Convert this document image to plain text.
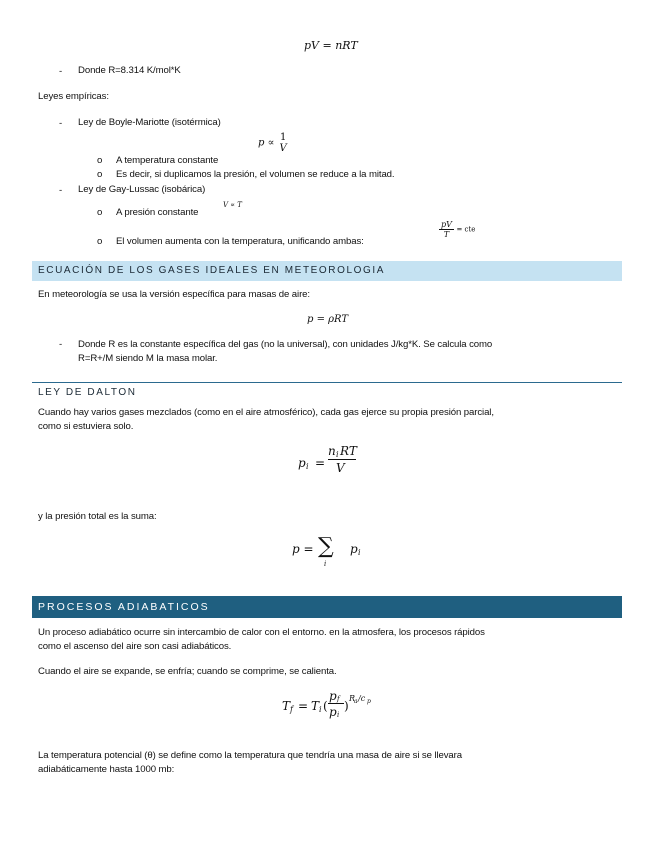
pV = nRT
- Donde R=8.314 K/mol*K
Leyes empíricas:
- Ley de Boyle-Mariotte (isotérmica)
p ∝ 1
V
o A temperatura constante
o Es decir, si duplicamos la presión, el volumen se reduce a la mitad.
- Ley de Gay-Lussac (isobárica)
o A presión constante
V ∝ T
o El volumen aumenta con la temperatura, unificando ambas:
$\frac{pV}{T}$ = cte
ECUACIÓN DE LOS GASES IDEALES EN METEOROLOGIA
En meteorología se usa la versión específica para masas de aire:
p = ρRT
- Donde R es la constante específica del gas (no la universal), con unidades J/kg*K. Se calcula como
R=R+/M siendo M la masa molar.
LEY DE DALTON
Cuando hay varios gases mezclados (como en el aire atmosférico), cada gas ejerce su propia presión parcial,
como si estuviera solo.
p i =
n i RT
V
y la presión total es la suma:
p = ∑
i
p i
PROCESOS ADIABATICOS
Un proceso adiabático ocurre sin intercambio de calor con el entorno. en la atmosfera, los procesos rápidos
como el ascenso del aire son casi adiabáticos.
Cuando el aire se expande, se enfría; cuando se comprime, se calienta.
T f = T i (
p f
p i
)
R
a /c p
La temperatura potencial (θ) se define como la temperatura que tendría una masa de aire si se llevara
adiabáticamente hasta 1000 mb:
